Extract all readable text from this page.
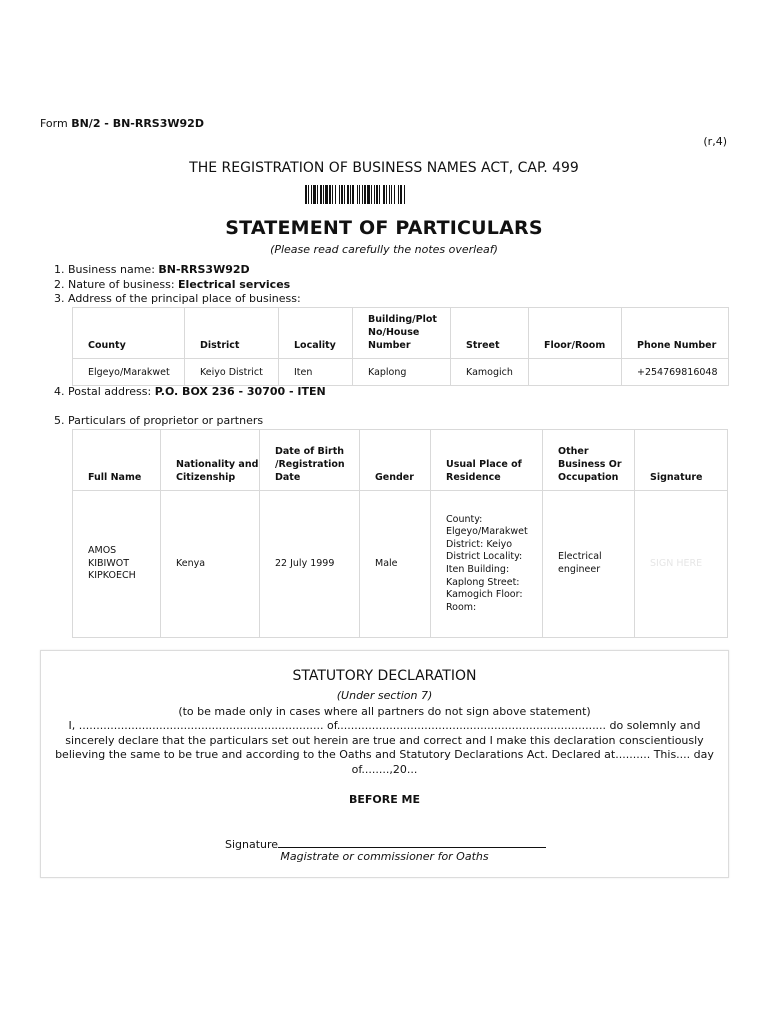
Form BN/2 - BN-RRS3W92D
(r,4)
THE REGISTRATION OF BUSINESS NAMES ACT, CAP. 499
STATEMENT OF PARTICULARS
(Please read carefully the notes overleaf)
1. Business name: BN-RRS3W92D
2. Nature of business: Electrical services
3. Address of the principal place of business:
County	District	Locality	Building/Plot No/House Number	Street	Floor/Room	Phone Number
Elgeyo/Marakwet	Keiyo District	Iten	Kaplong	Kamogich		+254769816048
4. Postal address: P.O. BOX 236 - 30700 - ITEN
5. Particulars of proprietor or partners
Full Name	Nationality and Citizenship	Date of Birth /Registration Date	Gender	Usual Place of Residence	Other Business Or Occupation	Signature
AMOS KIBIWOT KIPKOECH	Kenya	22 July 1999	Male	County: Elgeyo/Marakwet District: Keiyo District Locality: Iten Building: Kaplong Street: Kamogich Floor: Room:	Electrical engineer	SIGN HERE
STATUTORY DECLARATION
(Under section 7)
(to be made only in cases where all partners do not sign above statement)
I, ...................................................................... of............................................................................. do solemnly and sincerely declare that the particulars set out herein are true and correct and I make this declaration conscientiously believing the same to be true and according to the Oaths and Statutory Declarations Act. Declared at.......... This.... day of........,20...
BEFORE ME
Signature
Magistrate or commissioner for Oaths
